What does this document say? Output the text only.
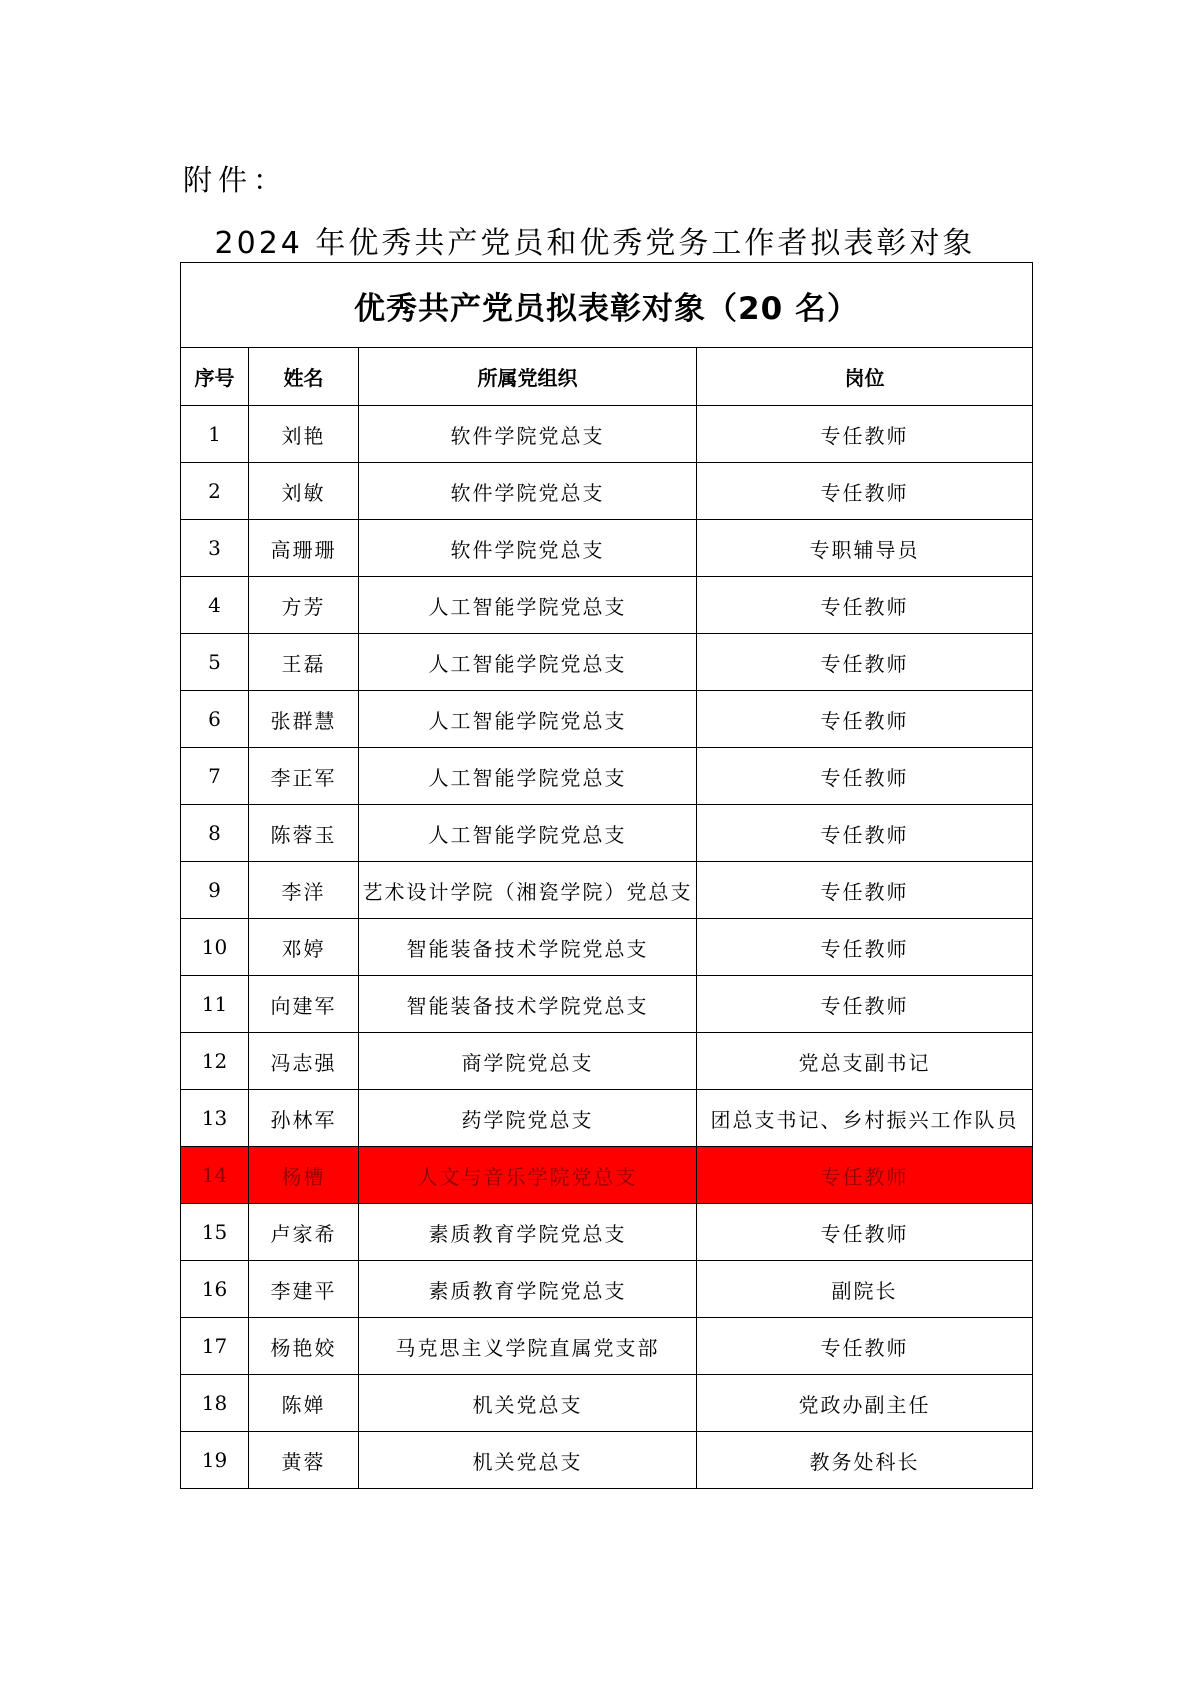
附件：
2024 年优秀共产党员和优秀党务工作者拟表彰对象
优秀共产党员拟表彰对象（20 名）			
序号	姓名	所属党组织	岗位
1	刘艳	软件学院党总支	专任教师
2	刘敏	软件学院党总支	专任教师
3	高珊珊	软件学院党总支	专职辅导员
4	方芳	人工智能学院党总支	专任教师
5	王磊	人工智能学院党总支	专任教师
6	张群慧	人工智能学院党总支	专任教师
7	李正军	人工智能学院党总支	专任教师
8	陈蓉玉	人工智能学院党总支	专任教师
9	李洋	艺术设计学院（湘瓷学院）党总支	专任教师
10	邓婷	智能装备技术学院党总支	专任教师
11	向建军	智能装备技术学院党总支	专任教师
12	冯志强	商学院党总支	党总支副书记
13	孙林军	药学院党总支	团总支书记、乡村振兴工作队员
14	杨槽	人文与音乐学院党总支	专任教师
15	卢家希	素质教育学院党总支	专任教师
16	李建平	素质教育学院党总支	副院长
17	杨艳姣	马克思主义学院直属党支部	专任教师
18	陈婵	机关党总支	党政办副主任
19	黄蓉	机关党总支	教务处科长
